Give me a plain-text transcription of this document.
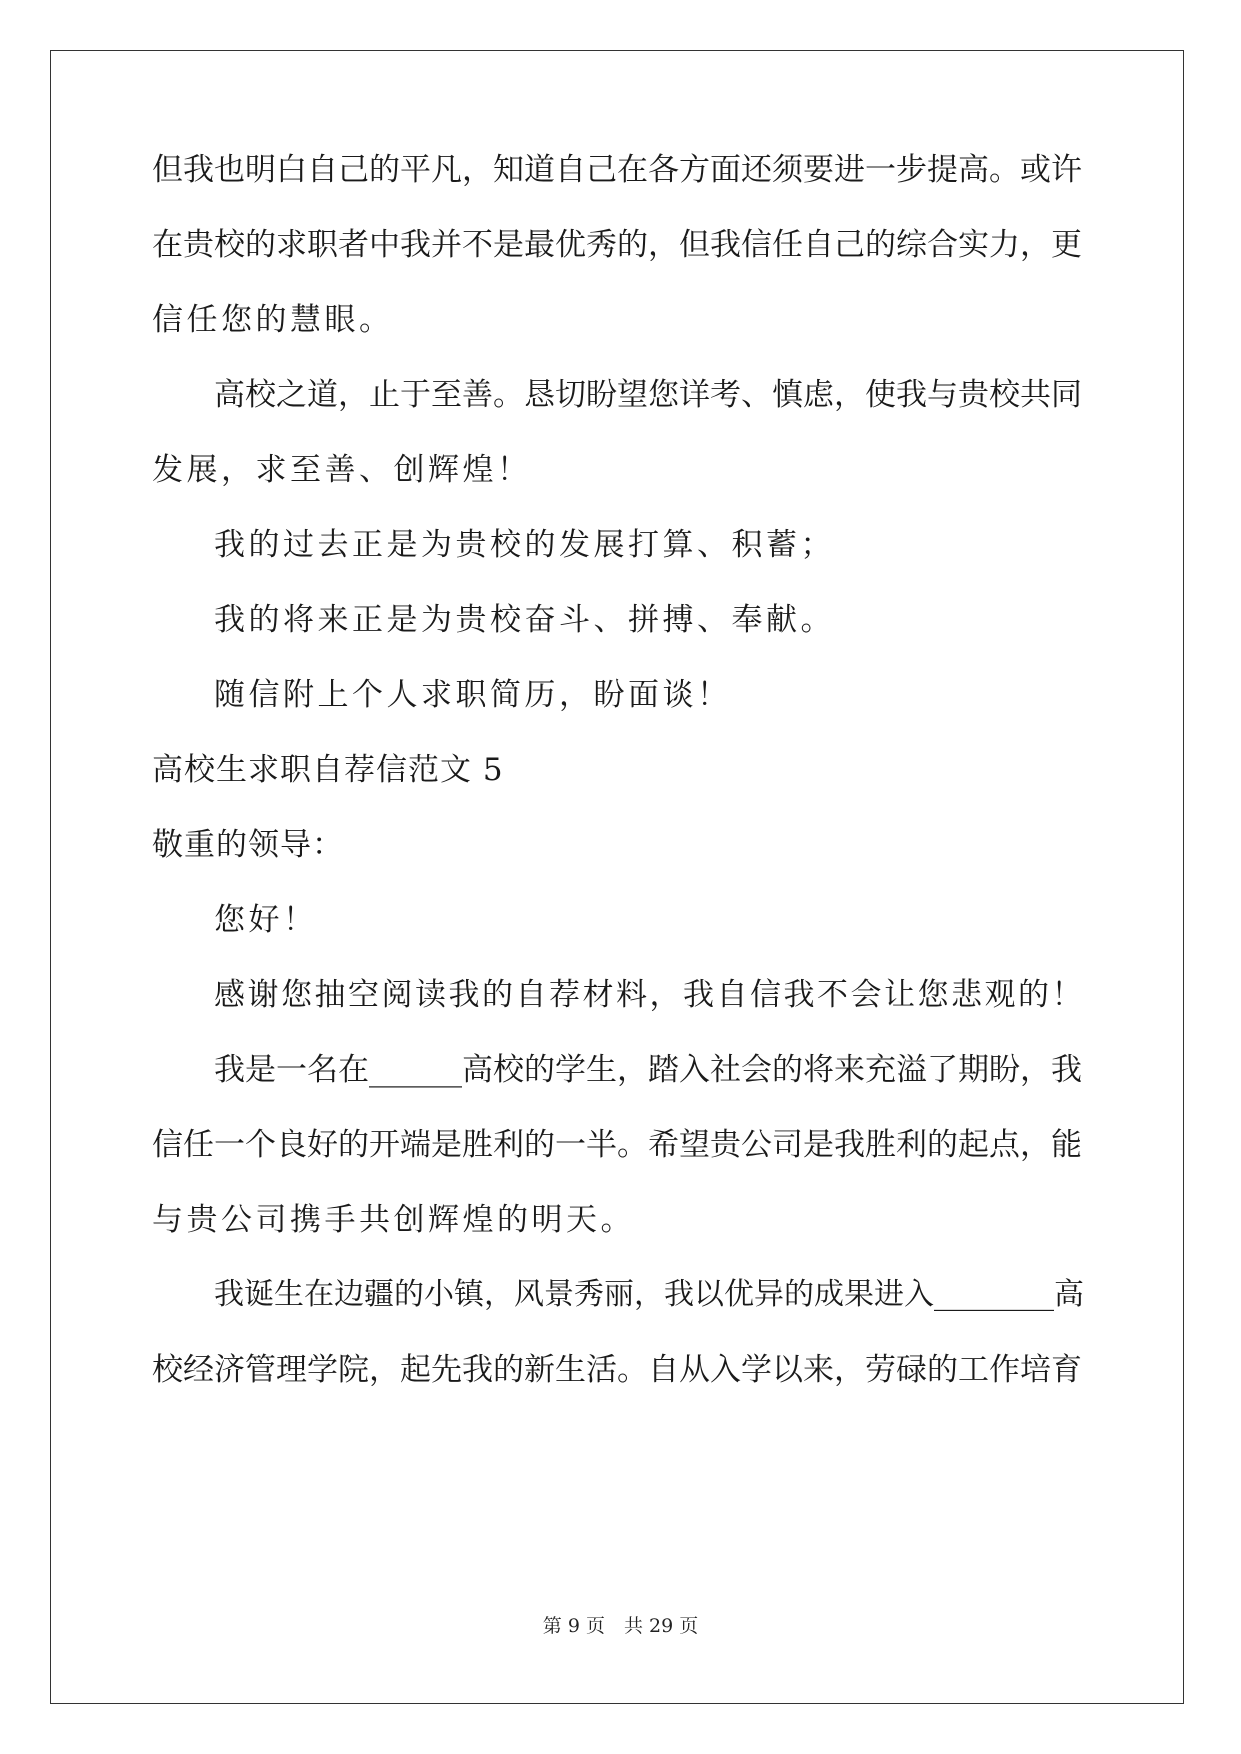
但我也明白自己的平凡，知道自己在各方面还须要进一步提高。或许

在贵校的求职者中我并不是最优秀的，但我信任自己的综合实力，更

信任您的慧眼。

高校之道，止于至善。恳切盼望您详考、慎虑，使我与贵校共同

发展，求至善、创辉煌！

我的过去正是为贵校的发展打算、积蓄；

我的将来正是为贵校奋斗、拼搏、奉献。

随信附上个人求职简历，盼面谈！

高校生求职自荐信范文 5

敬重的领导：

您好！

感谢您抽空阅读我的自荐材料，我自信我不会让您悲观的！

我是一名在______高校的学生，踏入社会的将来充溢了期盼，我

信任一个良好的开端是胜利的一半。希望贵公司是我胜利的起点，能

与贵公司携手共创辉煌的明天。

我诞生在边疆的小镇，风景秀丽，我以优异的成果进入________高

校经济管理学院，起先我的新生活。自从入学以来，劳碌的工作培育

第 9 页　共 29 页
